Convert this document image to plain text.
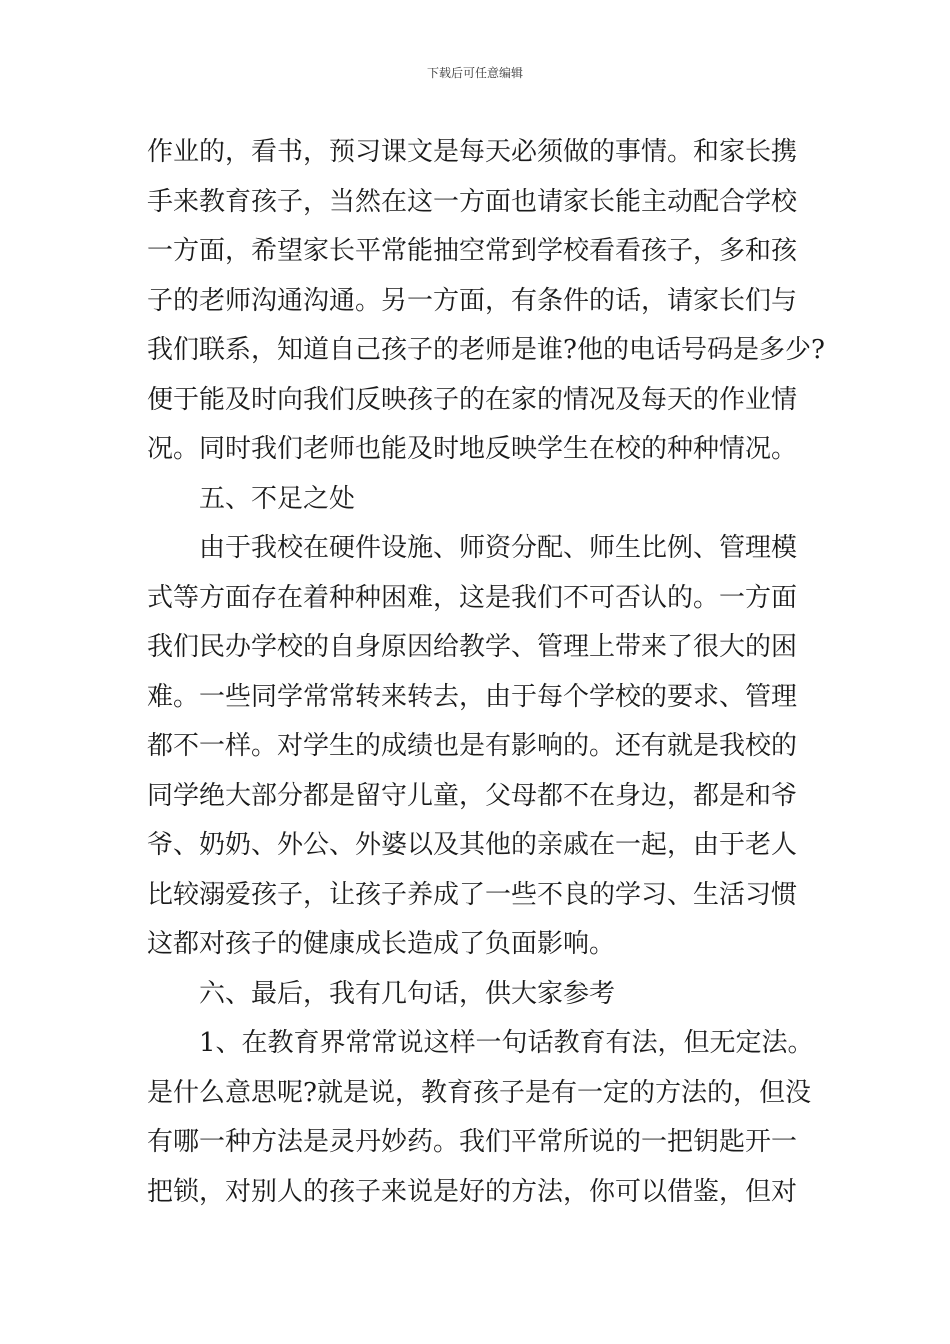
下载后可任意编辑
作业的，看书，预习课文是每天必须做的事情。和家长携
手来教育孩子，当然在这一方面也请家长能主动配合学校
一方面，希望家长平常能抽空常到学校看看孩子，多和孩
子的老师沟通沟通。另一方面，有条件的话，请家长们与
我们联系，知道自己孩子的老师是谁?他的电话号码是多少?
便于能及时向我们反映孩子的在家的情况及每天的作业情
况。同时我们老师也能及时地反映学生在校的种种情况。
五、不足之处
由于我校在硬件设施、师资分配、师生比例、管理模
式等方面存在着种种困难，这是我们不可否认的。一方面
我们民办学校的自身原因给教学、管理上带来了很大的困
难。一些同学常常转来转去，由于每个学校的要求、管理
都不一样。对学生的成绩也是有影响的。还有就是我校的
同学绝大部分都是留守儿童，父母都不在身边，都是和爷
爷、奶奶、外公、外婆以及其他的亲戚在一起，由于老人
比较溺爱孩子，让孩子养成了一些不良的学习、生活习惯
这都对孩子的健康成长造成了负面影响。
六、最后，我有几句话，供大家参考
1、在教育界常常说这样一句话教育有法，但无定法。
是什么意思呢?就是说，教育孩子是有一定的方法的，但没
有哪一种方法是灵丹妙药。我们平常所说的一把钥匙开一
把锁，对别人的孩子来说是好的方法，你可以借鉴，但对
